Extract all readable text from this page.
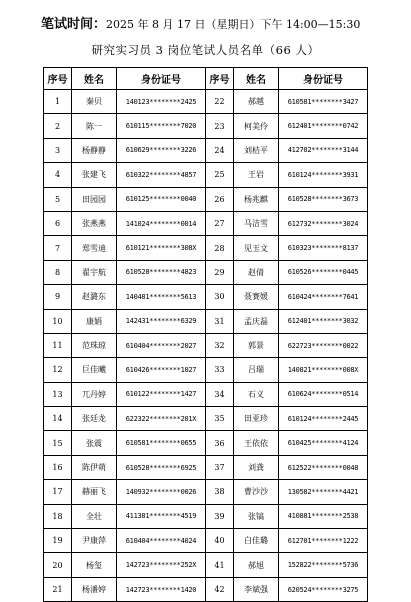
笔试时间：2025 年 8 月 17 日（星期日）下午 14:00—15:30
研究实习员 3 岗位笔试人员名单（66 人）
序号	姓名	身份证号	序号	姓名	身份证号
1	秦贝	140123********2425	22	郝越	610581********3427
2	陈一	610115********7020	23	柯美伶	612401********0742
3	杨静静	610629********3226	24	刘桔平	412702********3144
4	张建飞	610322********4857	25	王岩	610124********3931
5	田园园	610125********0040	26	杨兆麒	610528********3673
6	张燕燕	141024********0014	27	马洁雪	612732********3024
7	郑雪迪	610121********308X	28	见玉文	610323********8137
8	翟宇航	610528********4823	29	赵倩	610526********0445
9	赵潞东	140481********5613	30	聂赛媛	610424********7641
10	康娟	142431********6329	31	孟庆磊	612401********3032
11	范珠琼	610404********2027	32	郭景	622723********0022
12	巨佳曦	610426********1027	33	吕瑞	140821********008X
13	兀丹婷	610122********1427	34	石义	610624********0514
14	张廷龙	622322********201X	35	田亚珍	610124********2445
15	张震	610581********0655	36	王依依	610425********4124
16	陈伊萌	610528********6925	37	刘龚	612522********0048
17	赫丽飞	140932********0026	38	曹沙沙	130582********4421
18	全壮	411381********4519	39	张镐	410881********2538
19	尹康萍	610404********4024	40	白佳璐	612701********1222
20	杨玺	142723********252X	41	郝旭	152822********5736
21	杨潘婷	142723********1420	42	李斌强	620524********3275
